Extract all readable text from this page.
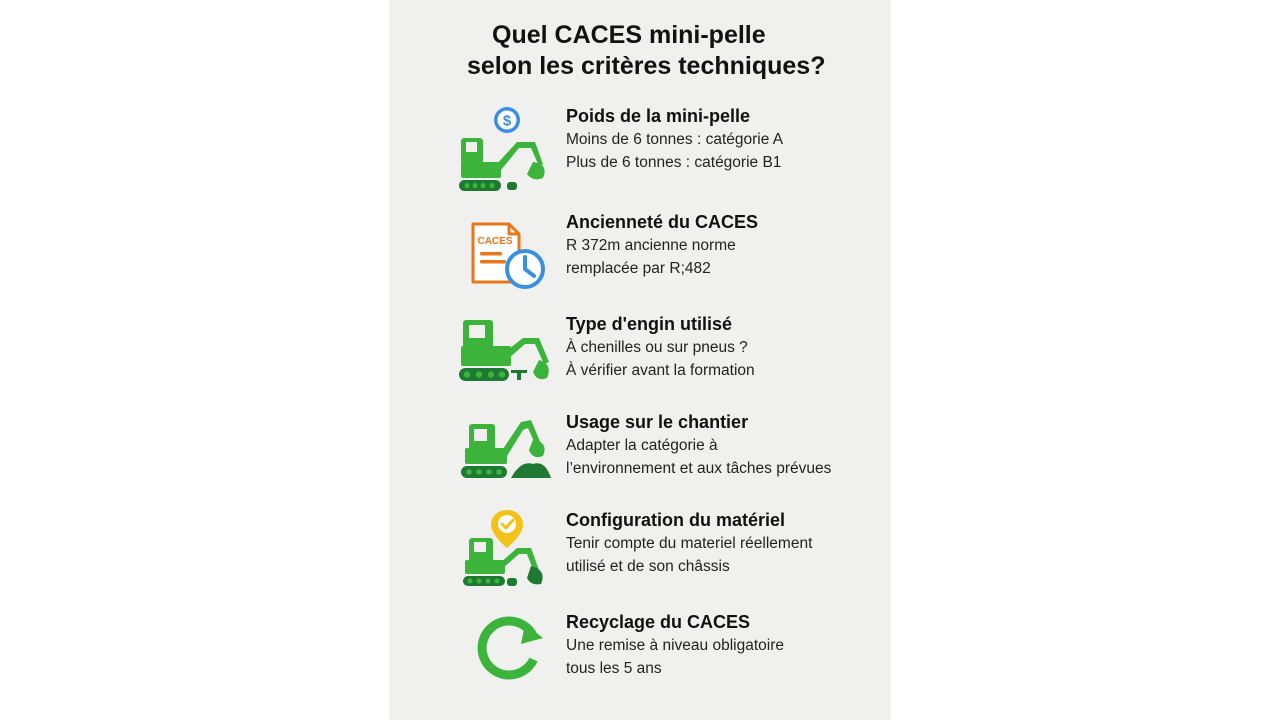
Quel CACES mini-pelle
selon les critères techniques?
$	Poids de la mini-pelle
Moins de 6 tonnes : catégorie A
Plus de 6 tonnes : catégorie B1
CACES
Ancienneté du CACES
R 372m ancienne norme
remplacée par R;482
Type d'engin utilisé
À chenilles ou sur pneus ?
À vérifier avant la formation
Usage sur le chantier
Adapter la catégorie à
l’environnement et aux tâches prévues
Configuration du matériel
Tenir compte du materiel réellement
utilisé et de son châssis
Recyclage du CACES
Une remise à niveau obligatoire
tous les 5 ans
